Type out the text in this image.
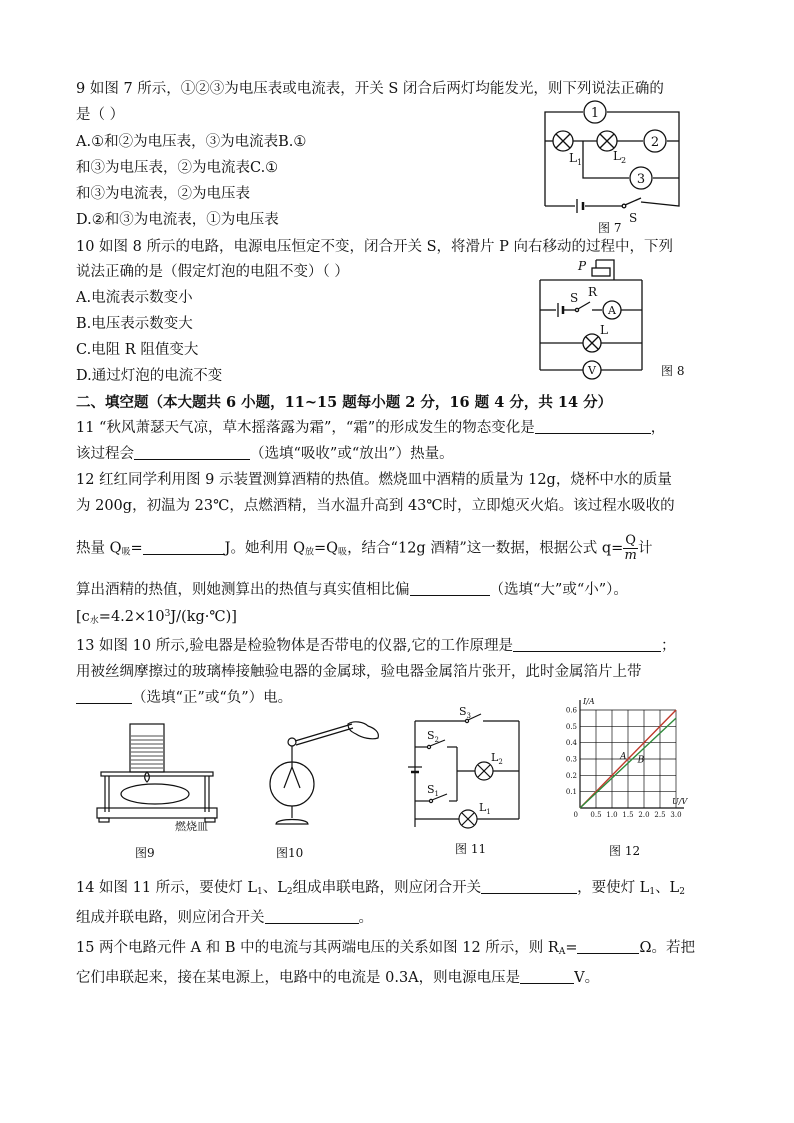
9 如图 7 所示，①②③为电压表或电流表，开关 S 闭合后两灯均能发光，则下列说法正确的
是（ ）
A.①和②为电压表，③为电流表B.①
和③为电压表，②为电流表C.①
和③为电流表，②为电压表
D.②和③为电流表，①为电压表
1
2
3
$L_1$	$L_2$
S
图 7
10 如图 8 所示的电路，电源电压恒定不变，闭合开关 S，将滑片 P 向右移动的过程中，下列
说法正确的是（假定灯泡的电阻不变）（ ）
A.电流表示数变小
B.电压表示数变大
C.电阻 R 阻值变大
D.通过灯泡的电流不变
P
R
S
A
L
V	图 8
二、填空题（本大题共 6 小题，11~15 题每小题 2 分，16 题 4 分，共 14 分）
11 “秋风萧瑟天气凉，草木摇落露为霜”，“霜”的形成发生的物态变化是	，
该过程会	（选填“吸收”或“放出”）热量。
12 红红同学利用图 9 示装置测算酒精的热值。燃烧皿中酒精的质量为 12g，烧杯中水的质量
为 200g，初温为 23℃，点燃酒精，当水温升高到 43℃时，立即熄灭火焰。该过程水吸收的
热量 $Q_吸=$	J。她利用 $Q_放=Q_吸$，结合“12g 酒精”这一数据，根据公式 $q= \frac{Q}{m}$ 计
算出酒精的热值，则她测算出的热值与真实值相比偏	（选填“大”或“小”）。
$[c_水=4.2\times 10^3J/(kg\cdot℃)]$
13 如图 10 所示,验电器是检验物体是否带电的仪器,它的工作原理是	；
用被丝绸摩擦过的玻璃棒接触验电器的金属球，验电器金属箔片张开，此时金属箔片上带
（选填“正”或“负”）电。
燃烧皿
图9	图10
$S_3$
$S_2$
$S_1$
$L_2$
$L_1$
图 11
0.5 1.0 1.5 2.0 2.5 3.0
0.1
0.2
0.3
0.4
0.5
0.6
0
I/A
U/V
A B
图 12
14 如图 11 所示，要使灯 $L_1$、$L_2$组成串联电路，则应闭合开关	，要使灯 $L_1$、$L_2$
组成并联电路，则应闭合开关	。
15 两个电路元件 A 和 B 中的电流与其两端电压的关系如图 12 所示，则 $R_A=$	Ω。若把
它们串联起来，接在某电源上，电路中的电流是 0.3A，则电源电压是	V。
